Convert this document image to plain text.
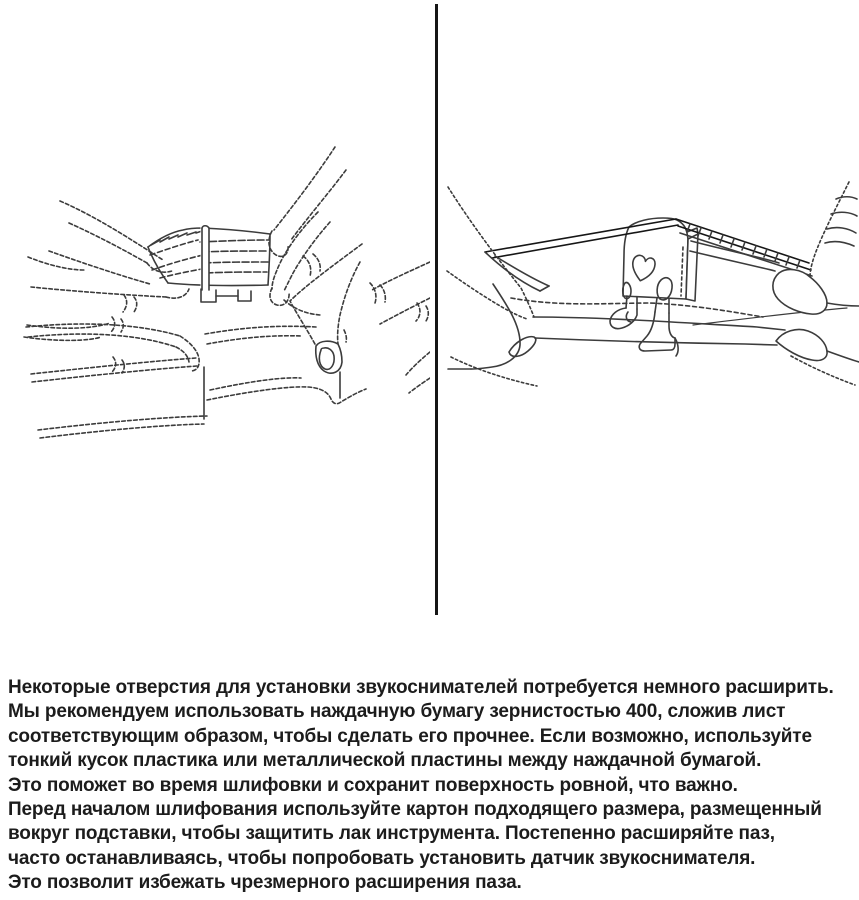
Некоторые отверстия для установки звукоснимателей потребуется немного расширить.
Мы рекомендуем использовать наждачную бумагу зернистостью 400, сложив лист
соответствующим образом, чтобы сделать его прочнее. Если возможно, используйте
тонкий кусок пластика или металлической пластины между наждачной бумагой.
Это поможет во время шлифовки и сохранит поверхность ровной, что важно.
Перед началом шлифования используйте картон подходящего размера, размещенный
вокруг подставки, чтобы защитить лак инструмента. Постепенно расширяйте паз,
часто останавливаясь, чтобы попробовать установить датчик звукоснимателя.
Это позволит избежать чрезмерного расширения паза.
